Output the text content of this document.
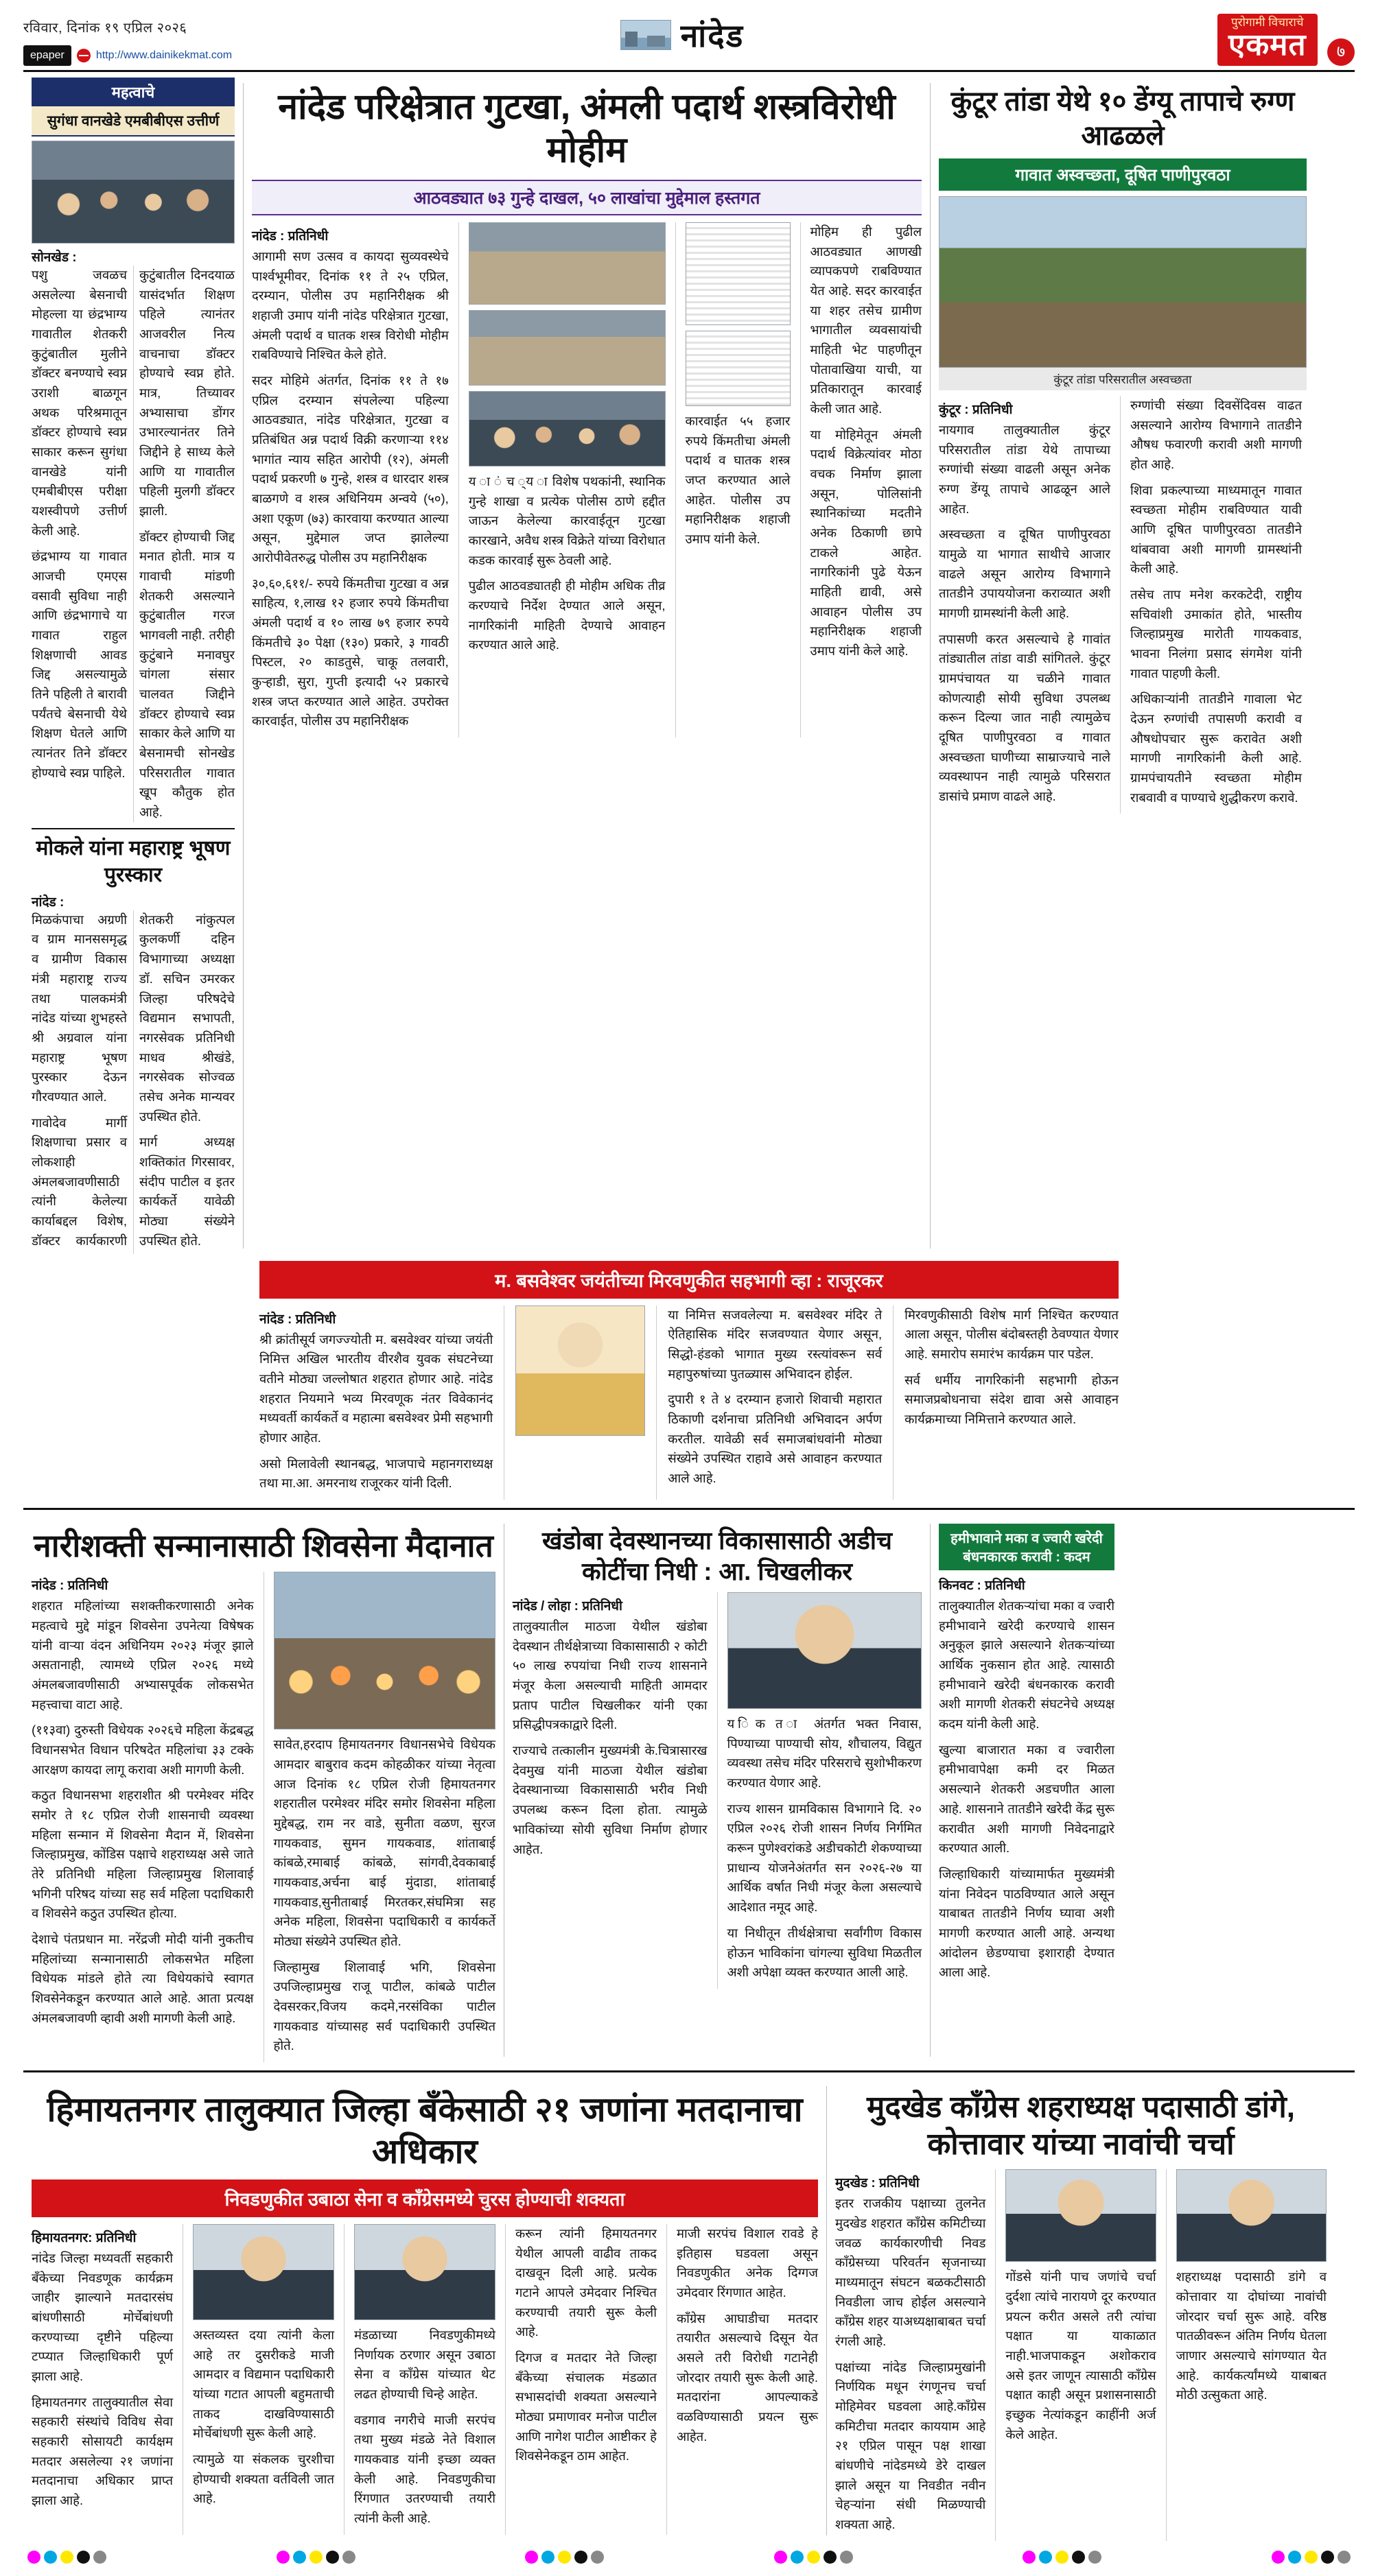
रविवार, दिनांक १९ एप्रिल २०२६
epaper	http://www.dainikekmat.com
नांदेड	पुरोगामी विचाराचे
एकमत ७
महत्वाचे
सुगंधा वानखेडे एमबीबीएस उत्तीर्ण
सोनखेड :

पशु जवळच असलेल्या बेसनाची मोहल्ला या छंद्रभाग्य गावातील शेतकरी कुटुंबातील मुलीने डॉक्टर बनण्याचे स्वप्न उराशी बाळगून अथक परिश्रमातून डॉक्टर होण्याचे स्वप्न साकार करून सुगंधा वानखेडे यांनी एमबीबीएस परीक्षा यशस्वीपणे उत्तीर्ण केली आहे.

छंद्रभाग्य या गावात आजची एमएस वसावी सुविधा नाही आणि छंद्रभागाचे या गावात राहुल शिक्षणाची आवड जिद्द असल्यामुळे तिने पहिली ते बारावी पर्यंतचे बेसनाची येथे शिक्षण घेतले आणि त्यानंतर तिने डॉक्टर होण्याचे स्वप्न पाहिले.

कुटुंबातील दिनदयाळ यासंदर्भात शिक्षण पहिले त्यानंतर आजवरील नित्य वाचनाचा डॉक्टर होण्याचे स्वप्न होते. मात्र, तिच्यावर अभ्यासाचा डोंगर उभारल्यानंतर तिने जिद्दीने हे साध्य केले आणि या गावातील पहिली मुलगी डॉक्टर झाली.

डॉक्टर होण्याची जिद्द मनात होती. मात्र य गावाची मांडणी शेतकरी असल्याने कुटुंबातील गरज भागवली नाही. तरीही कुटुंबाने मनावघुर चांगला संसार चालवत जिद्दीने डॉक्टर होण्याचे स्वप्न साकार केले आणि या बेसनामची सोनखेड परिसरातील गावात खूप कौतुक होत आहे.

मोकले यांना महाराष्ट्र भूषण पुरस्कार
नांदेड :

मिळकंपाचा अग्रणी व ग्राम मानससमृद्ध व ग्रामीण विकास मंत्री महाराष्ट्र राज्य तथा पालकमंत्री नांदेड यांच्या शुभहस्ते श्री अग्रवाल यांना महाराष्ट्र भूषण पुरस्कार देऊन गौरवण्यात आले.

गावोदेव मार्गी शिक्षणाचा प्रसार व लोकशाही अंमलबजावणीसाठी त्यांनी केलेल्या कार्याबद्दल विशेष, डॉक्टर कार्यकारणी शेतकरी नांकुत्पल कुलकर्णी दहिन विभागाच्या अध्यक्षा डॉ. सचिन उमरकर जिल्हा परिषदेचे विद्यमान सभापती, नगरसेवक प्रतिनिधी माधव श्रीखंडे, नगरसेवक सोज्वळ तसेच अनेक मान्यवर उपस्थित होते.

मार्ग अध्यक्ष शक्तिकांत गिरसावर, संदीप पाटील व इतर कार्यकर्ते यावेळी मोठ्या संख्येने उपस्थित होते.

नांदेड परिक्षेत्रात गुटखा, अंमली पदार्थ शस्त्रविरोधी मोहीम
आठवड्यात ७३ गुन्हे दाखल, ५० लाखांचा मुद्देमाल हस्तगत
नांदेड : प्रतिनिधी

आगामी सण उत्सव व कायदा सुव्यवस्थेचे पार्श्वभूमीवर, दिनांक ११ ते २५ एप्रिल, दरम्यान, पोलीस उप महानिरीक्षक श्री शहाजी उमाप यांनी नांदेड परिक्षेत्रात गुटखा, अंमली पदार्थ व घातक शस्त्र विरोधी मोहीम राबविण्याचे निश्चित केले होते.

सदर मोहिमे अंतर्गत, दिनांक ११ ते १७ एप्रिल दरम्यान संपलेल्या पहिल्या आठवड्यात, नांदेड परिक्षेत्रात, गुटखा व प्रतिबंधित अन्न पदार्थ विक्री करणाऱ्या ११४ भागांत न्याय सहित आरोपी (१२), अंमली पदार्थ प्रकरणी ७ गुन्हे, शस्त्र व धारदार शस्त्र बाळगणे व शस्त्र अधिनियम अन्वये (५०), अशा एकूण (७३) कारवाया करण्यात आल्या असून, मुद्देमाल जप्त झालेल्या आरोपीवेतरुद्ध पोलीस उप महानिरीक्षक

३०,६०,६११/- रुपये किंमतीचा गुटखा व अन्न साहित्य, १,लाख १२ हजार रुपये किंमतीचा अंमली पदार्थ व १० लाख ७९ हजार रुपये किंमतीचे ३० पेक्षा (१३०) प्रकारे, ३ गावठी पिस्टल, २० काडतुसे, चाकू तलवारी, कुऱ्हाडी, सुरा, गुप्ती इत्यादी ५२ प्रकारचे शस्त्र जप्त करण्यात आले आहेत. उपरोक्त कारवाईत, पोलीस उप महानिरीक्षक

य ा ं च ्य ा विशेष पथकांनी, स्थानिक गुन्हे शाखा व प्रत्येक पोलीस ठाणे हद्दीत जाऊन केलेल्या कारवाईतून गुटखा कारखाने, अवैध शस्त्र विक्रेते यांच्या विरोधात कडक कारवाई सुरू ठेवली आहे.

पुढील आठवड्यातही ही मोहीम अधिक तीव्र करण्याचे निर्देश देण्यात आले असून, नागरिकांनी माहिती देण्याचे आवाहन करण्यात आले आहे.

कारवाईत ५५ हजार रुपये किंमतीचा अंमली पदार्थ व घातक शस्त्र जप्त करण्यात आले आहेत. पोलीस उप महानिरीक्षक शहाजी उमाप यांनी केले.

मोहिम ही पुढील आठवड्यात आणखी व्यापकपणे राबविण्यात येत आहे. सदर कारवाईत या शहर तसेच ग्रामीण भागातील व्यवसायांची माहिती भेट पाहणीतून पोतावाखिया याची, या प्रतिकारातून कारवाई केली जात आहे.

या मोहिमेतून अंमली पदार्थ विक्रेत्यांवर मोठा वचक निर्माण झाला असून, पोलिसांनी स्थानिकांच्या मदतीने अनेक ठिकाणी छापे टाकले आहेत. नागरिकांनी पुढे येऊन माहिती द्यावी, असे आवाहन पोलीस उप महानिरीक्षक शहाजी उमाप यांनी केले आहे.

कुंटूर तांडा येथे १० डेंग्यू तापाचे रुग्ण आढळले
गावात अस्वच्छता, दूषित पाणीपुरवठा
कुंटूर तांडा परिसरातील अस्वच्छता
कुंटूर : प्रतिनिधी

नायगाव तालुक्यातील कुंटूर परिसरातील तांडा येथे तापाच्या रुग्णांची संख्या वाढली असून अनेक रुग्ण डेंग्यू तापाचे आढळून आले आहेत.

अस्वच्छता व दूषित पाणीपुरवठा यामुळे या भागात साथीचे आजार वाढले असून आरोग्य विभागाने तातडीने उपाययोजना कराव्यात अशी मागणी ग्रामस्थांनी केली आहे.

तपासणी करत असल्याचे हे गावांत तांड्यातील तांडा वाडी सांगितले. कुंटूर ग्रामपंचायत या चळीने गावात कोणत्याही सोयी सुविधा उपलब्ध करून दिल्या जात नाही त्यामुळेच दूषित पाणीपुरवठा व गावात अस्वच्छता घाणीच्या साम्राज्याचे नाले व्यवस्थापन नाही त्यामुळे परिसरात डासांचे प्रमाण वाढले आहे.

रुग्णांची संख्या दिवसेंदिवस वाढत असल्याने आरोग्य विभागाने तातडीने औषध फवारणी करावी अशी मागणी होत आहे.

शिवा प्रकल्पाच्या माध्यमातून गावात स्वच्छता मोहीम राबविण्यात यावी आणि दूषित पाणीपुरवठा तातडीने थांबवावा अशी मागणी ग्रामस्थांनी केली आहे.

तसेच ताप मनेश करकटेदी, राष्ट्रीय सचिवांशी उमाकांत होते, भास्तीय जिल्हाप्रमुख मारोती गायकवाड, भावना निलंगा प्रसाद संगमेश यांनी गावात पाहणी केली.

अधिकाऱ्यांनी तातडीने गावाला भेट देऊन रुग्णांची तपासणी करावी व औषधोपचार सुरू करावेत अशी मागणी नागरिकांनी केली आहे. ग्रामपंचायतीने स्वच्छता मोहीम राबवावी व पाण्याचे शुद्धीकरण करावे.

म. बसवेश्वर जयंतीच्या मिरवणुकीत सहभागी व्हा : राजूरकर
नांदेड : प्रतिनिधी

श्री क्रांतीसूर्य जगज्ज्योती म. बसवेश्वर यांच्या जयंती निमित्त अखिल भारतीय वीरशैव युवक संघटनेच्या वतीने मोठ्या जल्लोषात शहरात होणार आहे. नांदेड शहरात नियमाने भव्य मिरवणूक नंतर विवेकानंद मध्यवर्ती कार्यकर्ते व महात्मा बसवेश्वर प्रेमी सहभागी होणार आहेत.

असो मिलावेली स्थानबद्ध, भाजपाचे महानगराध्यक्ष तथा मा.आ. अमरनाथ राजूरकर यांनी दिली.

या निमित्त सजवलेल्या म. बसवेश्वर मंदिर ते ऐतिहासिक मंदिर सजवण्यात येणार असून, सिद्धो-हंडको भागात मुख्य रस्त्यांवरून सर्व महापुरुषांच्या पुतळ्यास अभिवादन होईल.

दुपारी १ ते ४ दरम्यान हजारो शिवाची महारात ठिकाणी दर्शनाचा प्रतिनिधी अभिवादन अर्पण करतील. यावेळी सर्व समाजबांधवांनी मोठ्या संख्येने उपस्थित राहावे असे आवाहन करण्यात आले आहे.

मिरवणुकीसाठी विशेष मार्ग निश्चित करण्यात आला असून, पोलीस बंदोबस्तही ठेवण्यात येणार आहे. समारोप समारंभ कार्यक्रम पार पडेल.

सर्व धर्मीय नागरिकांनी सहभागी होऊन समाजप्रबोधनाचा संदेश द्यावा असे आवाहन कार्यक्रमाच्या निमित्ताने करण्यात आले.

नारीशक्ती सन्मानासाठी शिवसेना मैदानात
नांदेड : प्रतिनिधी

शहरात महिलांच्या सशक्तीकरणासाठी अनेक महत्वाचे मुद्दे मांडून शिवसेना उपनेत्या विषेषक यांनी वाऱ्या वंदन अधिनियम २०२३ मंजूर झाले असतानाही, त्यामध्ये एप्रिल २०२६ मध्ये अंमलबजावणीसाठी अभ्यासपूर्वक लोकसभेत महत्त्वाचा वाटा आहे.

(११३वा) दुरुस्ती विधेयक २०२६चे महिला केंद्रबद्ध विधानसभेत विधान परिषदेत महिलांचा ३३ टक्के आरक्षण कायदा लागू करावा अशी मागणी केली.

कठुत विधानसभा शहराशीत श्री परमेश्वर मंदिर समोर ते १८ एप्रिल रोजी शासनाची व्यवस्था महिला सन्मान में शिवसेना मैदान में, शिवसेना जिल्हाप्रमुख, कोंडिस पक्षाचे शहराध्यक्ष असे जाते तेरे प्रतिनिधी महिला जिल्हाप्रमुख शिलावाई भगिनी परिषद यांच्या सह सर्व महिला पदाधिकारी व शिवसेने कठुत उपस्थित होत्या.

देशाचे पंतप्रधान मा. नरेंद्रजी मोदी यांनी नुकतीच महिलांच्या सन्मानासाठी लोकसभेत महिला विधेयक मांडले होते त्या विधेयकांचे स्वागत शिवसेनेकडून करण्यात आले आहे. आता प्रत्यक्ष अंमलबजावणी व्हावी अशी मागणी केली आहे.

सावेत,हरदाप हिमायतनगर विधानसभेचे विधेयक आमदार बाबुराव कदम कोहळीकर यांच्या नेतृत्वा आज दिनांक १८ एप्रिल रोजी हिमायतनगर शहरातील परमेश्वर मंदिर समोर शिवसेना महिला मुद्देबद्ध, राम नर वाडे, सुनीता वळण, सुरज गायकवाड, सुमन गायकवाड, शांताबाई कांबळे,रमाबाई कांबळे, सांगवी,देवकाबाई गायकवाड,अर्चना बाई मुंदाडा, शांताबाई गायकवाड,सुनीताबाई मिरतकर,संघमित्रा सह अनेक महिला, शिवसेना पदाधिकारी व कार्यकर्ते मोठ्या संख्येने उपस्थित होते.

जिल्हामुख शिलावाई भगि, शिवसेना उपजिल्हाप्रमुख राजू पाटील, कांबळे पाटील देवसरकर,विजय कदमे,नरसंविका पाटील गायकवाड यांच्यासह सर्व पदाधिकारी उपस्थित होते.

खंडोबा देवस्थानच्या विकासासाठी अडीच कोटींचा निधी : आ. चिखलीकर
नांदेड / लोहा : प्रतिनिधी

तालुक्यातील माठजा येथील खंडोबा देवस्थान तीर्थक्षेत्राच्या विकासासाठी २ कोटी ५० लाख रुपयांचा निधी राज्य शासनाने मंजूर केला असल्याची माहिती आमदार प्रताप पाटील चिखलीकर यांनी एका प्रसिद्धीपत्रकाद्वारे दिली.

राज्याचे तत्कालीन मुख्यमंत्री के.चित्रासारख देवमुख यांनी माठजा येथील खंडोबा देवस्थानाच्या विकासासाठी भरीव निधी उपलब्ध करून दिला होता. त्यामुळे भाविकांच्या सोयी सुविधा निर्माण होणार आहेत.

य िक त ा अंतर्गत भक्त निवास, पिण्याच्या पाण्याची सोय, शौचालय, विद्युत व्यवस्था तसेच मंदिर परिसराचे सुशोभीकरण करण्यात येणार आहे.

राज्य शासन ग्रामविकास विभागाने दि. २० एप्रिल २०२६ रोजी शासन निर्णय निर्गमित करून पुणेश्वरांकडे अडीचकोटी शेकण्याच्या प्राधान्य योजनेअंतर्गत सन २०२६-२७ या आर्थिक वर्षात निधी मंजूर केला असल्याचे आदेशात नमूद आहे.

या निधीतून तीर्थक्षेत्राचा सर्वांगीण विकास होऊन भाविकांना चांगल्या सुविधा मिळतील अशी अपेक्षा व्यक्त करण्यात आली आहे.

हमीभावाने मका व ज्वारी खरेदी बंधनकारक करावी : कदम
किनवट : प्रतिनिधी

तालुक्यातील शेतकऱ्यांचा मका व ज्वारी हमीभावाने खरेदी करण्याचे शासन अनुकूल झाले असल्याने शेतकऱ्यांच्या आर्थिक नुकसान होत आहे. त्यासाठी हमीभावाने खरेदी बंधनकारक करावी अशी मागणी शेतकरी संघटनेचे अध्यक्ष कदम यांनी केली आहे.

खुल्या बाजारात मका व ज्वारीला हमीभावापेक्षा कमी दर मिळत असल्याने शेतकरी अडचणीत आला आहे. शासनाने तातडीने खरेदी केंद्र सुरू करावीत अशी मागणी निवेदनाद्वारे करण्यात आली.

जिल्हाधिकारी यांच्यामार्फत मुख्यमंत्री यांना निवेदन पाठविण्यात आले असून याबाबत तातडीने निर्णय घ्यावा अशी मागणी करण्यात आली आहे. अन्यथा आंदोलन छेडण्याचा इशाराही देण्यात आला आहे.

हिमायतनगर तालुक्यात जिल्हा बँकेसाठी २१ जणांना मतदानाचा अधिकार
निवडणुकीत उबाठा सेना व काँग्रेसमध्ये चुरस होण्याची शक्यता
हिमायतनगर: प्रतिनिधी

नांदेड जिल्हा मध्यवर्ती सहकारी बँकेच्या निवडणूक कार्यक्रम जाहीर झाल्याने मतदारसंघ बांधणीसाठी मोर्चेबांधणी करण्याच्या दृष्टीने पहिल्या टप्प्यात जिल्हाधिकारी पूर्ण झाला आहे.

हिमायतनगर तालुक्यातील सेवा सहकारी संस्थांचे विविध सेवा सहकारी सोसायटी कार्यक्षम मतदार असलेल्या २१ जणांना मतदानाचा अधिकार प्राप्त झाला आहे.

अस्तव्यस्त दया त्यांनी केला आहे तर दुसरीकडे माजी आमदार व विद्यमान पदाधिकारी यांच्या गटात आपली बहुमताची ताकद दाखविण्यासाठी मोर्चेबांधणी सुरू केली आहे.

त्यामुळे या संकलक चुरशीचा होण्याची शक्यता वर्तविली जात आहे.

मंडळाच्या निवडणुकीमध्ये निर्णायक ठरणार असून उबाठा सेना व काँग्रेस यांच्यात थेट लढत होण्याची चिन्हे आहेत.

वडगाव नगरीचे माजी सरपंच तथा मुख्य मंडळे नेते विशाल गायकवाड यांनी इच्छा व्यक्त केली आहे. निवडणुकीचा रिंगणात उतरण्याची तयारी त्यांनी केली आहे.

करून त्यांनी हिमायतनगर येथील आपली वाढीव ताकद दाखवून दिली आहे. प्रत्येक गटाने आपले उमेदवार निश्चित करण्याची तयारी सुरू केली आहे.

दिगज व मतदार नेते जिल्हा बँकेच्या संचालक मंडळात सभासदांची शक्यता असल्याने मोठ्या प्रमाणावर मनोज पाटील आणि नागेश पाटील आष्टीकर हे शिवसेनेकडून ठाम आहेत.

माजी सरपंच विशाल रावडे हे इतिहास घडवला असून निवडणुकीत अनेक दिग्गज उमेदवार रिंगणात आहेत.

काँग्रेस आघाडीचा मतदार तयारीत असल्याचे दिसून येत असले तरी विरोधी गटानेही जोरदार तयारी सुरू केली आहे. मतदारांना आपल्याकडे वळविण्यासाठी प्रयत्न सुरू आहेत.

मुदखेड काँग्रेस शहराध्यक्ष पदासाठी डांगे, कोत्तावार यांच्या नावांची चर्चा
मुदखेड : प्रतिनिधी

इतर राजकीय पक्षाच्या तुलनेत मुदखेड शहरात काँग्रेस कमिटीच्या जवळ कार्यकारणीची निवड काँग्रेसच्या परिवर्तन सृजनाच्या माध्यमातून संघटन बळकटीसाठी निवडीला जाच होईल असल्याने काँग्रेस शहर याअध्यक्षाबाबत चर्चा रंगली आहे.

पक्षांच्या नांदेड जिल्हाप्रमुखांनी निर्णयिक मधून रंगणूनच चर्चा मोहिमेवर घडवला आहे.काँग्रेस कमिटीचा मतदार काययाम आहे २१ एप्रिल पासून पक्ष शाखा बांधणीचे नांदेडमध्ये डेरे दाखल झाले असून या निवडीत नवीन चेहऱ्यांना संधी मिळण्याची शक्यता आहे.

गोंडसे यांनी पाच जणांचे चर्चा दुर्दशा त्यांचे नारायणे दूर करण्यात प्रयत्न करीत असले तरी त्यांचा पक्षात या याकाळात नाही.भाजपाकडून अशोकराव असे इतर जाणून त्यासाठी काँग्रेस पक्षात काही असून प्रशासनासाठी इच्छुक नेत्यांकडून काहींनी अर्ज केले आहेत.

शहराध्यक्ष पदासाठी डांगे व कोत्तावार या दोघांच्या नावांची जोरदार चर्चा सुरू आहे. वरिष्ठ पातळीवरून अंतिम निर्णय घेतला जाणार असल्याचे सांगण्यात येत आहे. कार्यकर्त्यांमध्ये याबाबत मोठी उत्सुकता आहे.
